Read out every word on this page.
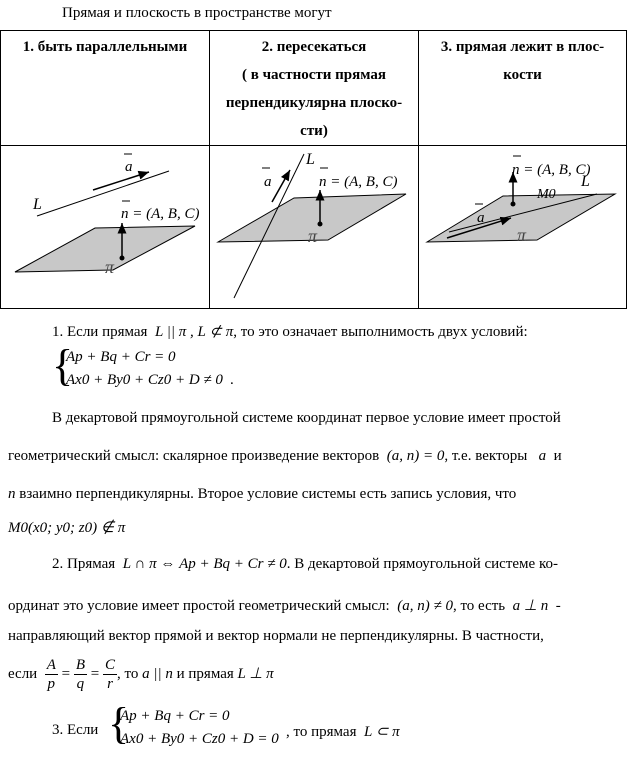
Прямая и плоскость в пространстве могут
1. быть параллельными	2. пересекаться
( в частности прямая
перпендикулярна плоско-
сти)	3. прямая лежит в плос-
кости

a
n = (A, B, C)
L
π	a
L
n = (A, B, C)
π	a
n = (A, B, C)
M0
L
π
1. Если прямая L || π , L ⊄ π, то это означает выполнимость двух условий:
{
Ap + Bq + Cr = 0
Ax0 + By0 + Cz0 + D ≠ 0 .
В декартовой прямоугольной системе координат первое условие имеет простой
геометрический смысл: скалярное произведение векторов (a, n) = 0, т.е. векторы a и
n взаимно перпендикулярны. Второе условие системы есть запись условия, что
M0(x0; y0; z0) ∉ π
2. Прямая L ∩ π ⇔ Ap + Bq + Cr ≠ 0. В декартовой прямоугольной системе ко-
ординат это условие имеет простой геометрический смысл: (a, n) ≠ 0, то есть a ⊥ n -
направляющий вектор прямой и вектор нормали не перпендикулярны. В частности,
если $\frac{A}{p} = \frac{B}{q} = \frac{C}{r}$ , то a || n и прямая L ⊥ π
3. Если {
Ap + Bq + Cr = 0
Ax0 + By0 + Cz0 + D = 0 , то прямая L ⊂ π
